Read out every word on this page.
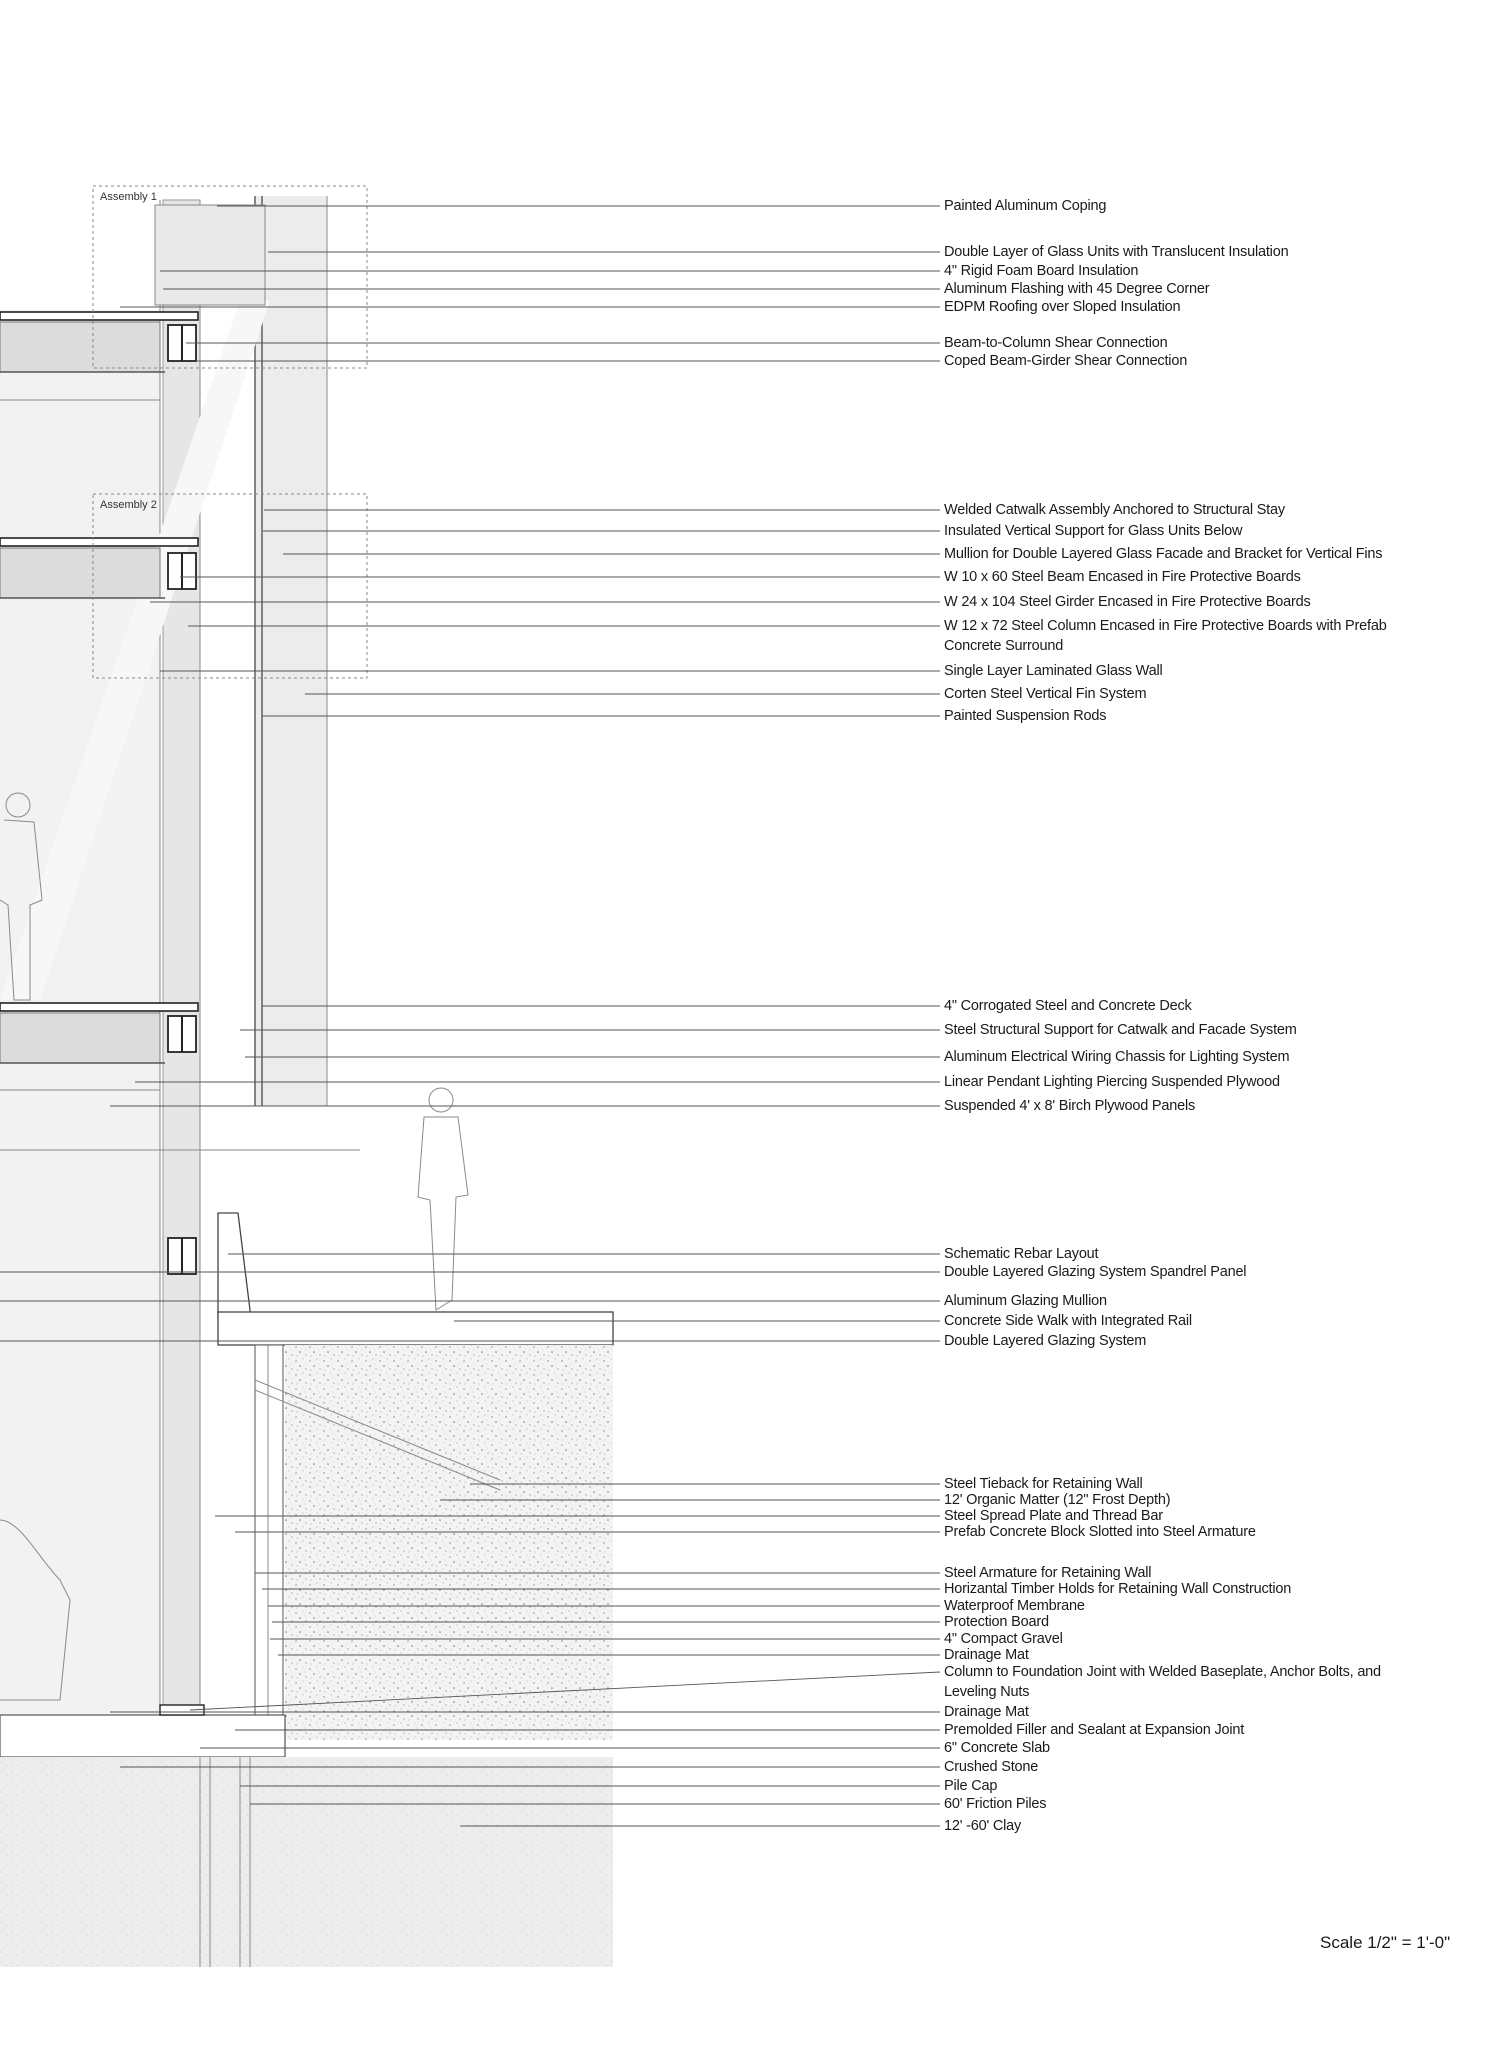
Assembly 1
Assembly 2
Painted Aluminum Coping
Double Layer of Glass Units with Translucent Insulation
4" Rigid Foam Board Insulation
Aluminum Flashing with 45 Degree Corner
EDPM Roofing over Sloped Insulation
Beam-to-Column Shear Connection
Coped Beam-Girder Shear Connection
Welded Catwalk Assembly Anchored to Structural Stay
Insulated Vertical Support for Glass Units Below
Mullion for Double Layered Glass Facade and Bracket for Vertical Fins
W 10 x 60 Steel Beam Encased in Fire Protective Boards
W 24 x 104 Steel Girder Encased in Fire Protective Boards
W 12 x 72 Steel Column Encased in Fire Protective Boards with Prefab Concrete Surround
Single Layer Laminated Glass Wall
Corten Steel Vertical Fin System
Painted Suspension Rods
4" Corrogated Steel and Concrete Deck
Steel Structural Support for Catwalk and Facade System
Aluminum Electrical Wiring Chassis for Lighting System
Linear Pendant Lighting Piercing Suspended Plywood
Suspended 4' x 8' Birch Plywood Panels
Schematic Rebar Layout
Double Layered Glazing System Spandrel Panel
Aluminum Glazing Mullion
Concrete Side Walk with Integrated Rail
Double Layered Glazing System
Steel Tieback for Retaining Wall
12' Organic Matter (12" Frost Depth)
Steel Spread Plate and Thread Bar
Prefab Concrete Block Slotted into Steel Armature
Steel Armature for Retaining Wall
Horizantal Timber Holds for Retaining Wall Construction
Waterproof Membrane
Protection Board
4" Compact Gravel
Drainage Mat
Column to Foundation Joint with Welded Baseplate, Anchor Bolts, and Leveling Nuts
Drainage Mat
Premolded Filler and Sealant at Expansion Joint
6" Concrete Slab
Crushed Stone
Pile Cap
60' Friction Piles
12' -60' Clay
Scale 1/2" = 1'-0"
